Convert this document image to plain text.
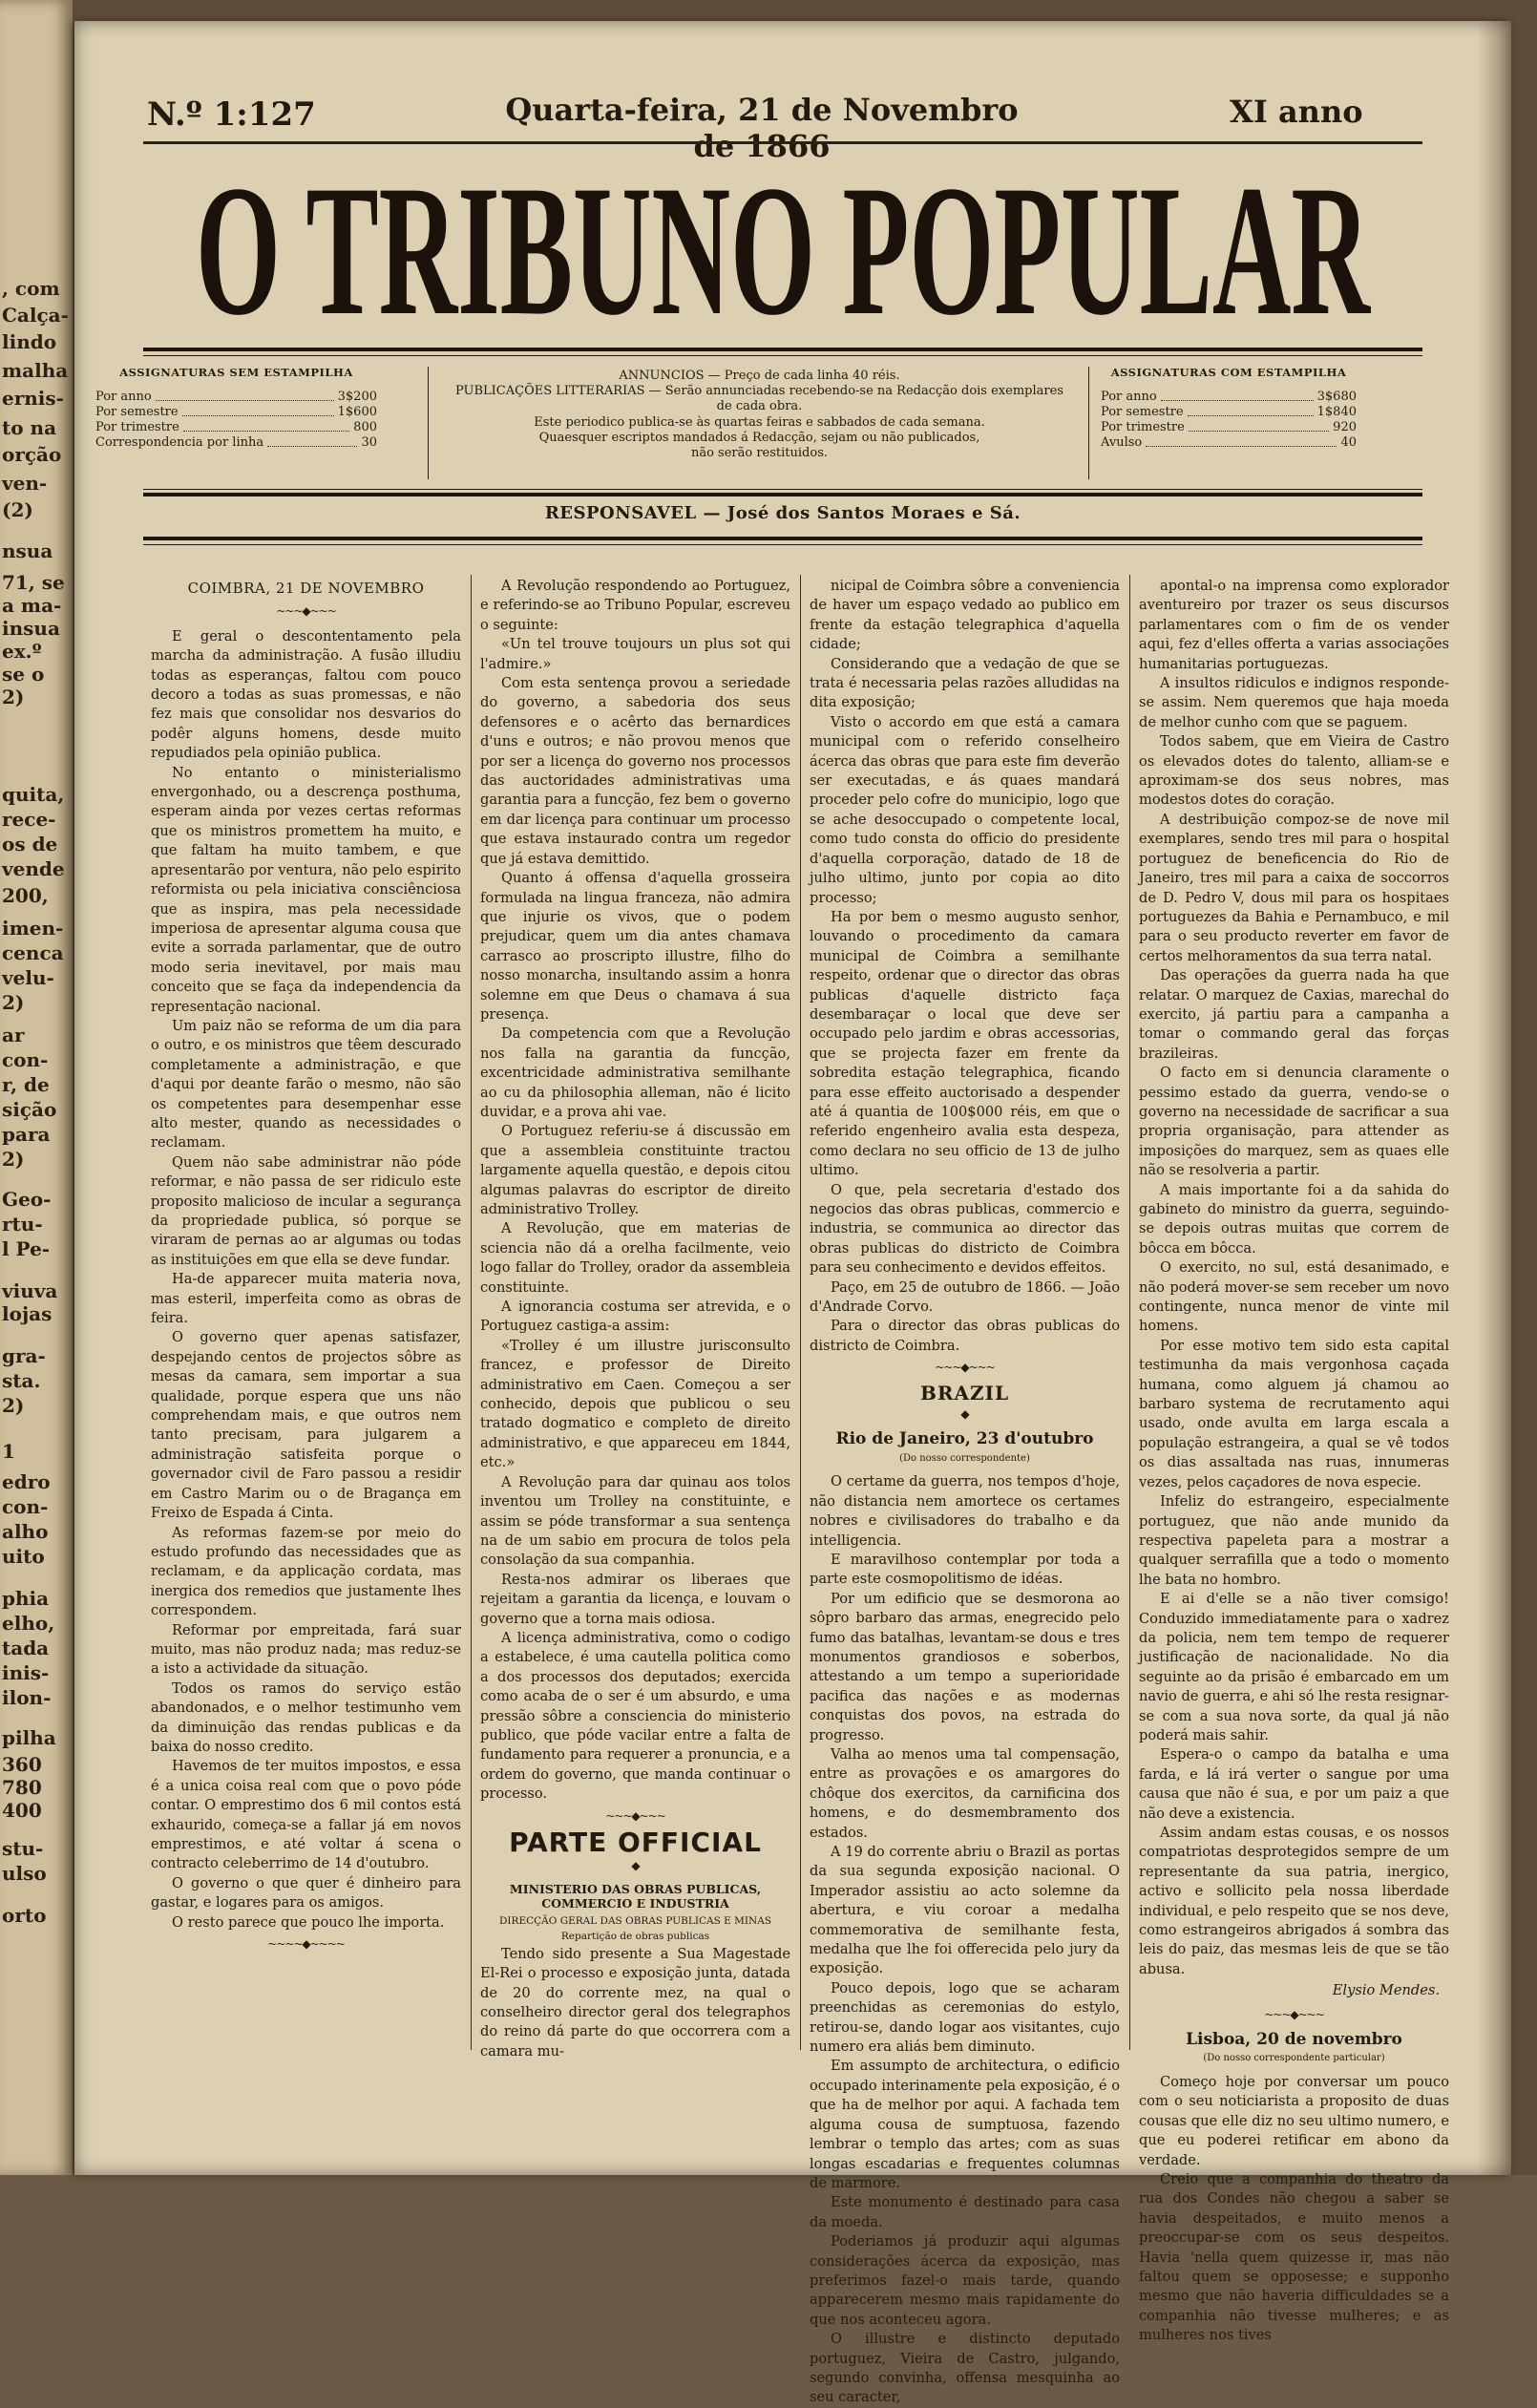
, com
Calça-
lindo
malha
ernis-
to na
orção
ven-
(2)
nsua
71, se
a ma-
insua
ex.º
se o
2)
quita,
rece-
os de
vende
200,
imen-
cenca
velu-
2)
ar
con-
r, de
sição
para
2)
Geo-
rtu-
l Pe-
viuva
lojas
gra-
sta.
2)
1
edro
con-
alho
uito
phia
elho,
tada
inis-
ilon-
pilha
360
780
400
stu-
ulso
orto
N.º 1:127	Quarta-feira, 21 de Novembro de 1866
XI anno
O TRIBUNO POPULAR
ASSIGNATURAS SEM ESTAMPILHA
Por anno	3$200
Por semestre	1$600
Por trimestre	800
Correspondencia por linha	30
ANNUNCIOS — Preço de cada linha 40 réis.
PUBLICAÇÕES LITTERARIAS — Serão annunciadas recebendo-se na Redacção dois exemplares
de cada obra.
Este periodico publica-se às quartas feiras e sabbados de cada semana.
Quaesquer escriptos mandados á Redacção, sejam ou não publicados,
não serão restituidos.
ASSIGNATURAS COM ESTAMPILHA
Por anno	3$680
Por semestre	1$840
Por trimestre	920
Avulso	40
RESPONSAVEL — José dos Santos Moraes e Sá.
COIMBRA, 21 DE NOVEMBRO
~~~◆~~~

E geral o descontentamento pela marcha da administração. A fusão illudiu todas as esperanças, faltou com pouco decoro a todas as suas promessas, e não fez mais que consolidar nos desvarios do podêr alguns homens, desde muito repudiados pela opinião publica.

No entanto o ministerialismo envergonhado, ou a descrença posthuma, esperam ainda por vezes certas reformas que os ministros promettem ha muito, e que faltam ha muito tambem, e que apresentarão por ventura, não pelo espirito reformista ou pela iniciativa consciênciosa que as inspira, mas pela necessidade imperiosa de apresentar alguma cousa que evite a sorrada parlamentar, que de outro modo seria inevitavel, por mais mau conceito que se faça da independencia da representação nacional.

Um paiz não se reforma de um dia para o outro, e os ministros que têem descurado completamente a administração, e que d'aqui por deante farão o mesmo, não são os competentes para desempenhar esse alto mester, quando as necessidades o reclamam.

Quem não sabe administrar não póde reformar, e não passa de ser ridiculo este proposito malicioso de incular a segurança da propriedade publica, só porque se viraram de pernas ao ar algumas ou todas as instituições em que ella se deve fundar.

Ha-de apparecer muita materia nova, mas esteril, imperfeita como as obras de feira.

O governo quer apenas satisfazer, despejando centos de projectos sôbre as mesas da camara, sem importar a sua qualidade, porque espera que uns não comprehendam mais, e que outros nem tanto precisam, para julgarem a administração satisfeita porque o governador civil de Faro passou a residir em Castro Marim ou o de Bragança em Freixo de Espada á Cinta.

As reformas fazem-se por meio do estudo profundo das necessidades que as reclamam, e da applicação cordata, mas inergica dos remedios que justamente lhes correspondem.

Reformar por empreitada, fará suar muito, mas não produz nada; mas reduz-se a isto a actividade da situação.

Todos os ramos do serviço estão abandonados, e o melhor testimunho vem da diminuição das rendas publicas e da baixa do nosso credito.

Havemos de ter muitos impostos, e essa é a unica coisa real com que o povo póde contar. O emprestimo dos 6 mil contos está exhaurido, começa-se a fallar já em novos emprestimos, e até voltar á scena o contracto celeberrimo de 14 d'outubro.

O governo o que quer é dinheiro para gastar, e logares para os amigos.

O resto parece que pouco lhe importa.

~~~~◆~~~~

A Revolução respondendo ao Portuguez, e referindo-se ao Tribuno Popular, escreveu o seguinte:

«Un tel trouve toujours un plus sot qui l'admire.»

Com esta sentença provou a seriedade do governo, a sabedoria dos seus defensores e o acêrto das bernardices d'uns e outros; e não provou menos que por ser a licença do governo nos processos das auctoridades administrativas uma garantia para a funcção, fez bem o governo em dar licença para continuar um processo que estava instaurado contra um regedor que já estava demittido.

Quanto á offensa d'aquella grosseira formulada na lingua franceza, não admira que injurie os vivos, que o podem prejudicar, quem um dia antes chamava carrasco ao proscripto illustre, filho do nosso monarcha, insultando assim a honra solemne em que Deus o chamava á sua presença.

Da competencia com que a Revolução nos falla na garantia da funcção, excentricidade administrativa semilhante ao cu da philosophia alleman, não é licito duvidar, e a prova ahi vae.

O Portuguez referiu-se á discussão em que a assembleia constituinte tractou largamente aquella questão, e depois citou algumas palavras do escriptor de direito administrativo Trolley.

A Revolução, que em materias de sciencia não dá a orelha facilmente, veio logo fallar do Trolley, orador da assembleia constituinte.

A ignorancia costuma ser atrevida, e o Portuguez castiga-a assim:

«Trolley é um illustre jurisconsulto francez, e professor de Direito administrativo em Caen. Começou a ser conhecido, depois que publicou o seu tratado dogmatico e completo de direito administrativo, e que appareceu em 1844, etc.»

A Revolução para dar quinau aos tolos inventou um Trolley na constituinte, e assim se póde transformar a sua sentença na de um sabio em procura de tolos pela consolação da sua companhia.

Resta-nos admirar os liberaes que rejeitam a garantia da licença, e louvam o governo que a torna mais odiosa.

A licença administrativa, como o codigo a estabelece, é uma cautella politica como a dos processos dos deputados; exercida como acaba de o ser é um absurdo, e uma pressão sôbre a consciencia do ministerio publico, que póde vacilar entre a falta de fundamento para requerer a pronuncia, e a ordem do governo, que manda continuar o processo.

~~~◆~~~
PARTE OFFICIAL
◆
MINISTERIO DAS OBRAS PUBLICAS, COMMERCIO E INDUSTRIA
DIRECÇÃO GERAL DAS OBRAS PUBLICAS E MINAS
Repartição de obras publicas

Tendo sido presente a Sua Magestade El-Rei o processo e exposição junta, datada de 20 do corrente mez, na qual o conselheiro director geral dos telegraphos do reino dá parte do que occorrera com a camara mu-

nicipal de Coimbra sôbre a conveniencia de haver um espaço vedado ao publico em frente da estação telegraphica d'aquella cidade;

Considerando que a vedação de que se trata é necessaria pelas razões alludidas na dita exposição;

Visto o accordo em que está a camara municipal com o referido conselheiro ácerca das obras que para este fim deverão ser executadas, e ás quaes mandará proceder pelo cofre do municipio, logo que se ache desoccupado o competente local, como tudo consta do officio do presidente d'aquella corporação, datado de 18 de julho ultimo, junto por copia ao dito processo;

Ha por bem o mesmo augusto senhor, louvando o procedimento da camara municipal de Coimbra a semilhante respeito, ordenar que o director das obras publicas d'aquelle districto faça desembaraçar o local que deve ser occupado pelo jardim e obras accessorias, que se projecta fazer em frente da sobredita estação telegraphica, ficando para esse effeito auctorisado a despender até á quantia de 100$000 réis, em que o referido engenheiro avalia esta despeza, como declara no seu officio de 13 de julho ultimo.

O que, pela secretaria d'estado dos negocios das obras publicas, commercio e industria, se communica ao director das obras publicas do districto de Coimbra para seu conhecimento e devidos effeitos.

Paço, em 25 de outubro de 1866. — João d'Andrade Corvo.

Para o director das obras publicas do districto de Coimbra.

~~~◆~~~
BRAZIL
◆
Rio de Janeiro, 23 d'outubro
(Do nosso correspondente)

O certame da guerra, nos tempos d'hoje, não distancia nem amortece os certames nobres e civilisadores do trabalho e da intelligencia.

E maravilhoso contemplar por toda a parte este cosmopolitismo de idéas.

Por um edificio que se desmorona ao sôpro barbaro das armas, enegrecido pelo fumo das batalhas, levantam-se dous e tres monumentos grandiosos e soberbos, attestando a um tempo a superioridade pacifica das nações e as modernas conquistas dos povos, na estrada do progresso.

Valha ao menos uma tal compensação, entre as provações e os amargores do chôque dos exercitos, da carnificina dos homens, e do desmembramento dos estados.

A 19 do corrente abriu o Brazil as portas da sua segunda exposição nacional. O Imperador assistiu ao acto solemne da abertura, e viu coroar a medalha commemorativa de semilhante festa, medalha que lhe foi offerecida pelo jury da exposição.

Pouco depois, logo que se acharam preenchidas as ceremonias do estylo, retirou-se, dando logar aos visitantes, cujo numero era aliás bem diminuto.

Em assumpto de architectura, o edificio occupado interinamente pela exposição, é o que ha de melhor por aqui. A fachada tem alguma cousa de sumptuosa, fazendo lembrar o templo das artes; com as suas longas escadarias e frequentes columnas de marmore.

Este monumento é destinado para casa da moeda.

Poderiamos já produzir aqui algumas considerações ácerca da exposição, mas preferimos fazel-o mais tarde, quando apparecerem mesmo mais rapidamente do que nos aconteceu agora.

O illustre e distincto deputado portuguez, Vieira de Castro, julgando, segundo convinha, offensa mesquinha ao seu caracter,

apontal-o na imprensa como explorador aventureiro por trazer os seus discursos parlamentares com o fim de os vender aqui, fez d'elles offerta a varias associações humanitarias portuguezas.

A insultos ridiculos e indignos responde-se assim. Nem queremos que haja moeda de melhor cunho com que se paguem.

Todos sabem, que em Vieira de Castro os elevados dotes do talento, alliam-se e aproximam-se dos seus nobres, mas modestos dotes do coração.

A destribuição compoz-se de nove mil exemplares, sendo tres mil para o hospital portuguez de beneficencia do Rio de Janeiro, tres mil para a caixa de soccorros de D. Pedro V, dous mil para os hospitaes portuguezes da Bahia e Pernambuco, e mil para o seu producto reverter em favor de certos melhoramentos da sua terra natal.

Das operações da guerra nada ha que relatar. O marquez de Caxias, marechal do exercito, já partiu para a campanha a tomar o commando geral das forças brazileiras.

O facto em si denuncia claramente o pessimo estado da guerra, vendo-se o governo na necessidade de sacrificar a sua propria organisação, para attender as imposições do marquez, sem as quaes elle não se resolveria a partir.

A mais importante foi a da sahida do gabineto do ministro da guerra, seguindo-se depois outras muitas que correm de bôcca em bôcca.

O exercito, no sul, está desanimado, e não poderá mover-se sem receber um novo contingente, nunca menor de vinte mil homens.

Por esse motivo tem sido esta capital testimunha da mais vergonhosa caçada humana, como alguem já chamou ao barbaro systema de recrutamento aqui usado, onde avulta em larga escala a população estrangeira, a qual se vê todos os dias assaltada nas ruas, innumeras vezes, pelos caçadores de nova especie.

Infeliz do estrangeiro, especialmente portuguez, que não ande munido da respectiva papeleta para a mostrar a qualquer serrafilla que a todo o momento lhe bata no hombro.

E ai d'elle se a não tiver comsigo! Conduzido immediatamente para o xadrez da policia, nem tem tempo de requerer justificação de nacionalidade. No dia seguinte ao da prisão é embarcado em um navio de guerra, e ahi só lhe resta resignar-se com a sua nova sorte, da qual já não poderá mais sahir.

Espera-o o campo da batalha e uma farda, e lá irá verter o sangue por uma causa que não é sua, e por um paiz a que não deve a existencia.

Assim andam estas cousas, e os nossos compatriotas desprotegidos sempre de um representante da sua patria, inergico, activo e sollicito pela nossa liberdade individual, e pelo respeito que se nos deve, como estrangeiros abrigados á sombra das leis do paiz, das mesmas leis de que se tão abusa.

Elysio Mendes.
~~~◆~~~
Lisboa, 20 de novembro
(Do nosso correspondente particular)

Começo hoje por conversar um pouco com o seu noticiarista a proposito de duas cousas que elle diz no seu ultimo numero, e que eu poderei retificar em abono da verdade.

Creio que a companhia do theatro da rua dos Condes não chegou a saber se havia despeitados, e muito menos a preoccupar-se com os seus despeitos. Havia 'nella quem quizesse ir, mas não faltou quem se opposesse; e supponho mesmo que não haveria difficuldades se a companhia não tivesse mulheres; e as mulheres nos tives
